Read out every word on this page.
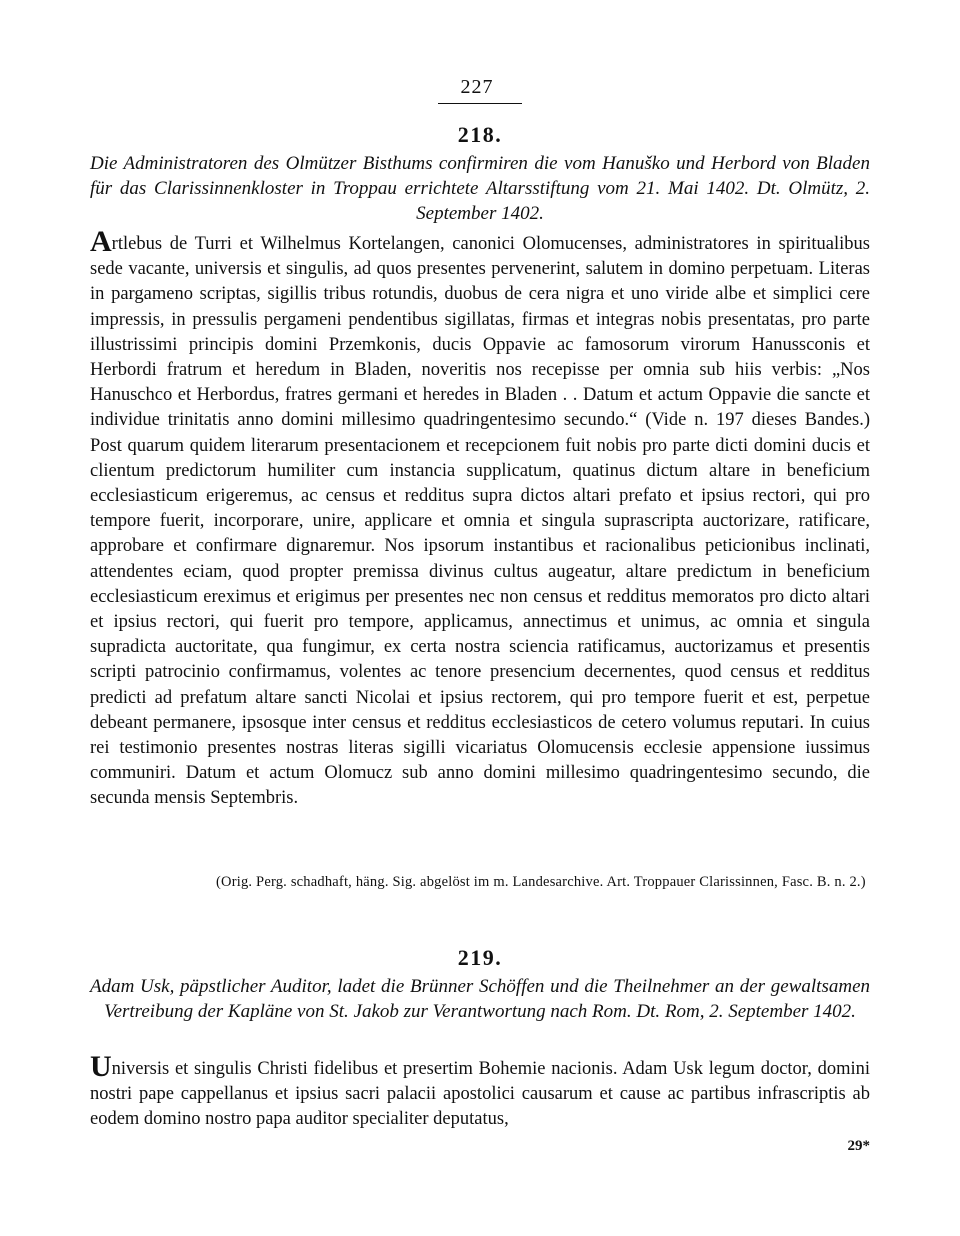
227
218.
Die Administratoren des Olmützer Bisthums confirmiren die vom Hanuško und Herbord von Bladen für das Clarissinnenkloster in Troppau errichtete Altarsstiftung vom 21. Mai 1402. Dt. Olmütz, 2. September 1402.
Artlebus de Turri et Wilhelmus Kortelangen, canonici Olomucenses, administratores in spiritualibus sede vacante, universis et singulis, ad quos presentes pervenerint, salutem in domino perpetuam. Literas in pargameno scriptas, sigillis tribus rotundis, duobus de cera nigra et uno viride albe et simplici cere impressis, in pressulis pergameni pendentibus sigillatas, firmas et integras nobis presentatas, pro parte illustrissimi principis domini Przemkonis, ducis Oppavie ac famosorum virorum Hanussconis et Herbordi fratrum et heredum in Bladen, noveritis nos recepisse per omnia sub hiis verbis: „Nos Hanuschco et Herbordus, fratres germani et heredes in Bladen . . Datum et actum Oppavie die sancte et individue trinitatis anno domini millesimo quadringentesimo secundo.“ (Vide n. 197 dieses Bandes.) Post quarum quidem literarum presentacionem et recepcionem fuit nobis pro parte dicti domini ducis et clientum predictorum humiliter cum instancia supplicatum, quatinus dictum altare in beneficium ecclesiasticum erigeremus, ac census et redditus supra dictos altari prefato et ipsius rectori, qui pro tempore fuerit, incorporare, unire, applicare et omnia et singula suprascripta auctorizare, ratificare, approbare et confirmare dignaremur. Nos ipsorum instantibus et racionalibus peticionibus inclinati, attendentes eciam, quod propter premissa divinus cultus augeatur, altare predictum in beneficium ecclesiasticum ereximus et erigimus per presentes nec non census et redditus memoratos pro dicto altari et ipsius rectori, qui fuerit pro tempore, applicamus, annectimus et unimus, ac omnia et singula supradicta auctoritate, qua fungimur, ex certa nostra sciencia ratificamus, auctorizamus et presentis scripti patrocinio confirmamus, volentes ac tenore presencium decernentes, quod census et redditus predicti ad prefatum altare sancti Nicolai et ipsius rectorem, qui pro tempore fuerit et est, perpetue debeant permanere, ipsosque inter census et redditus ecclesiasticos de cetero volumus reputari. In cuius rei testimonio presentes nostras literas sigilli vicariatus Olomucensis ecclesie appensione iussimus communiri. Datum et actum Olomucz sub anno domini millesimo quadringentesimo secundo, die secunda mensis Septembris.
(Orig. Perg. schadhaft, häng. Sig. abgelöst im m. Landesarchive. Art. Troppauer Clarissinnen, Fasc. B. n. 2.)
219.
Adam Usk, päpstlicher Auditor, ladet die Brünner Schöffen und die Theilnehmer an der gewaltsamen Vertreibung der Kapläne von St. Jakob zur Verantwortung nach Rom. Dt. Rom, 2. September 1402.
Universis et singulis Christi fidelibus et presertim Bohemie nacionis. Adam Usk legum doctor, domini nostri pape cappellanus et ipsius sacri palacii apostolici causarum et cause ac partibus infrascriptis ab eodem domino nostro papa auditor specialiter deputatus,
29*
